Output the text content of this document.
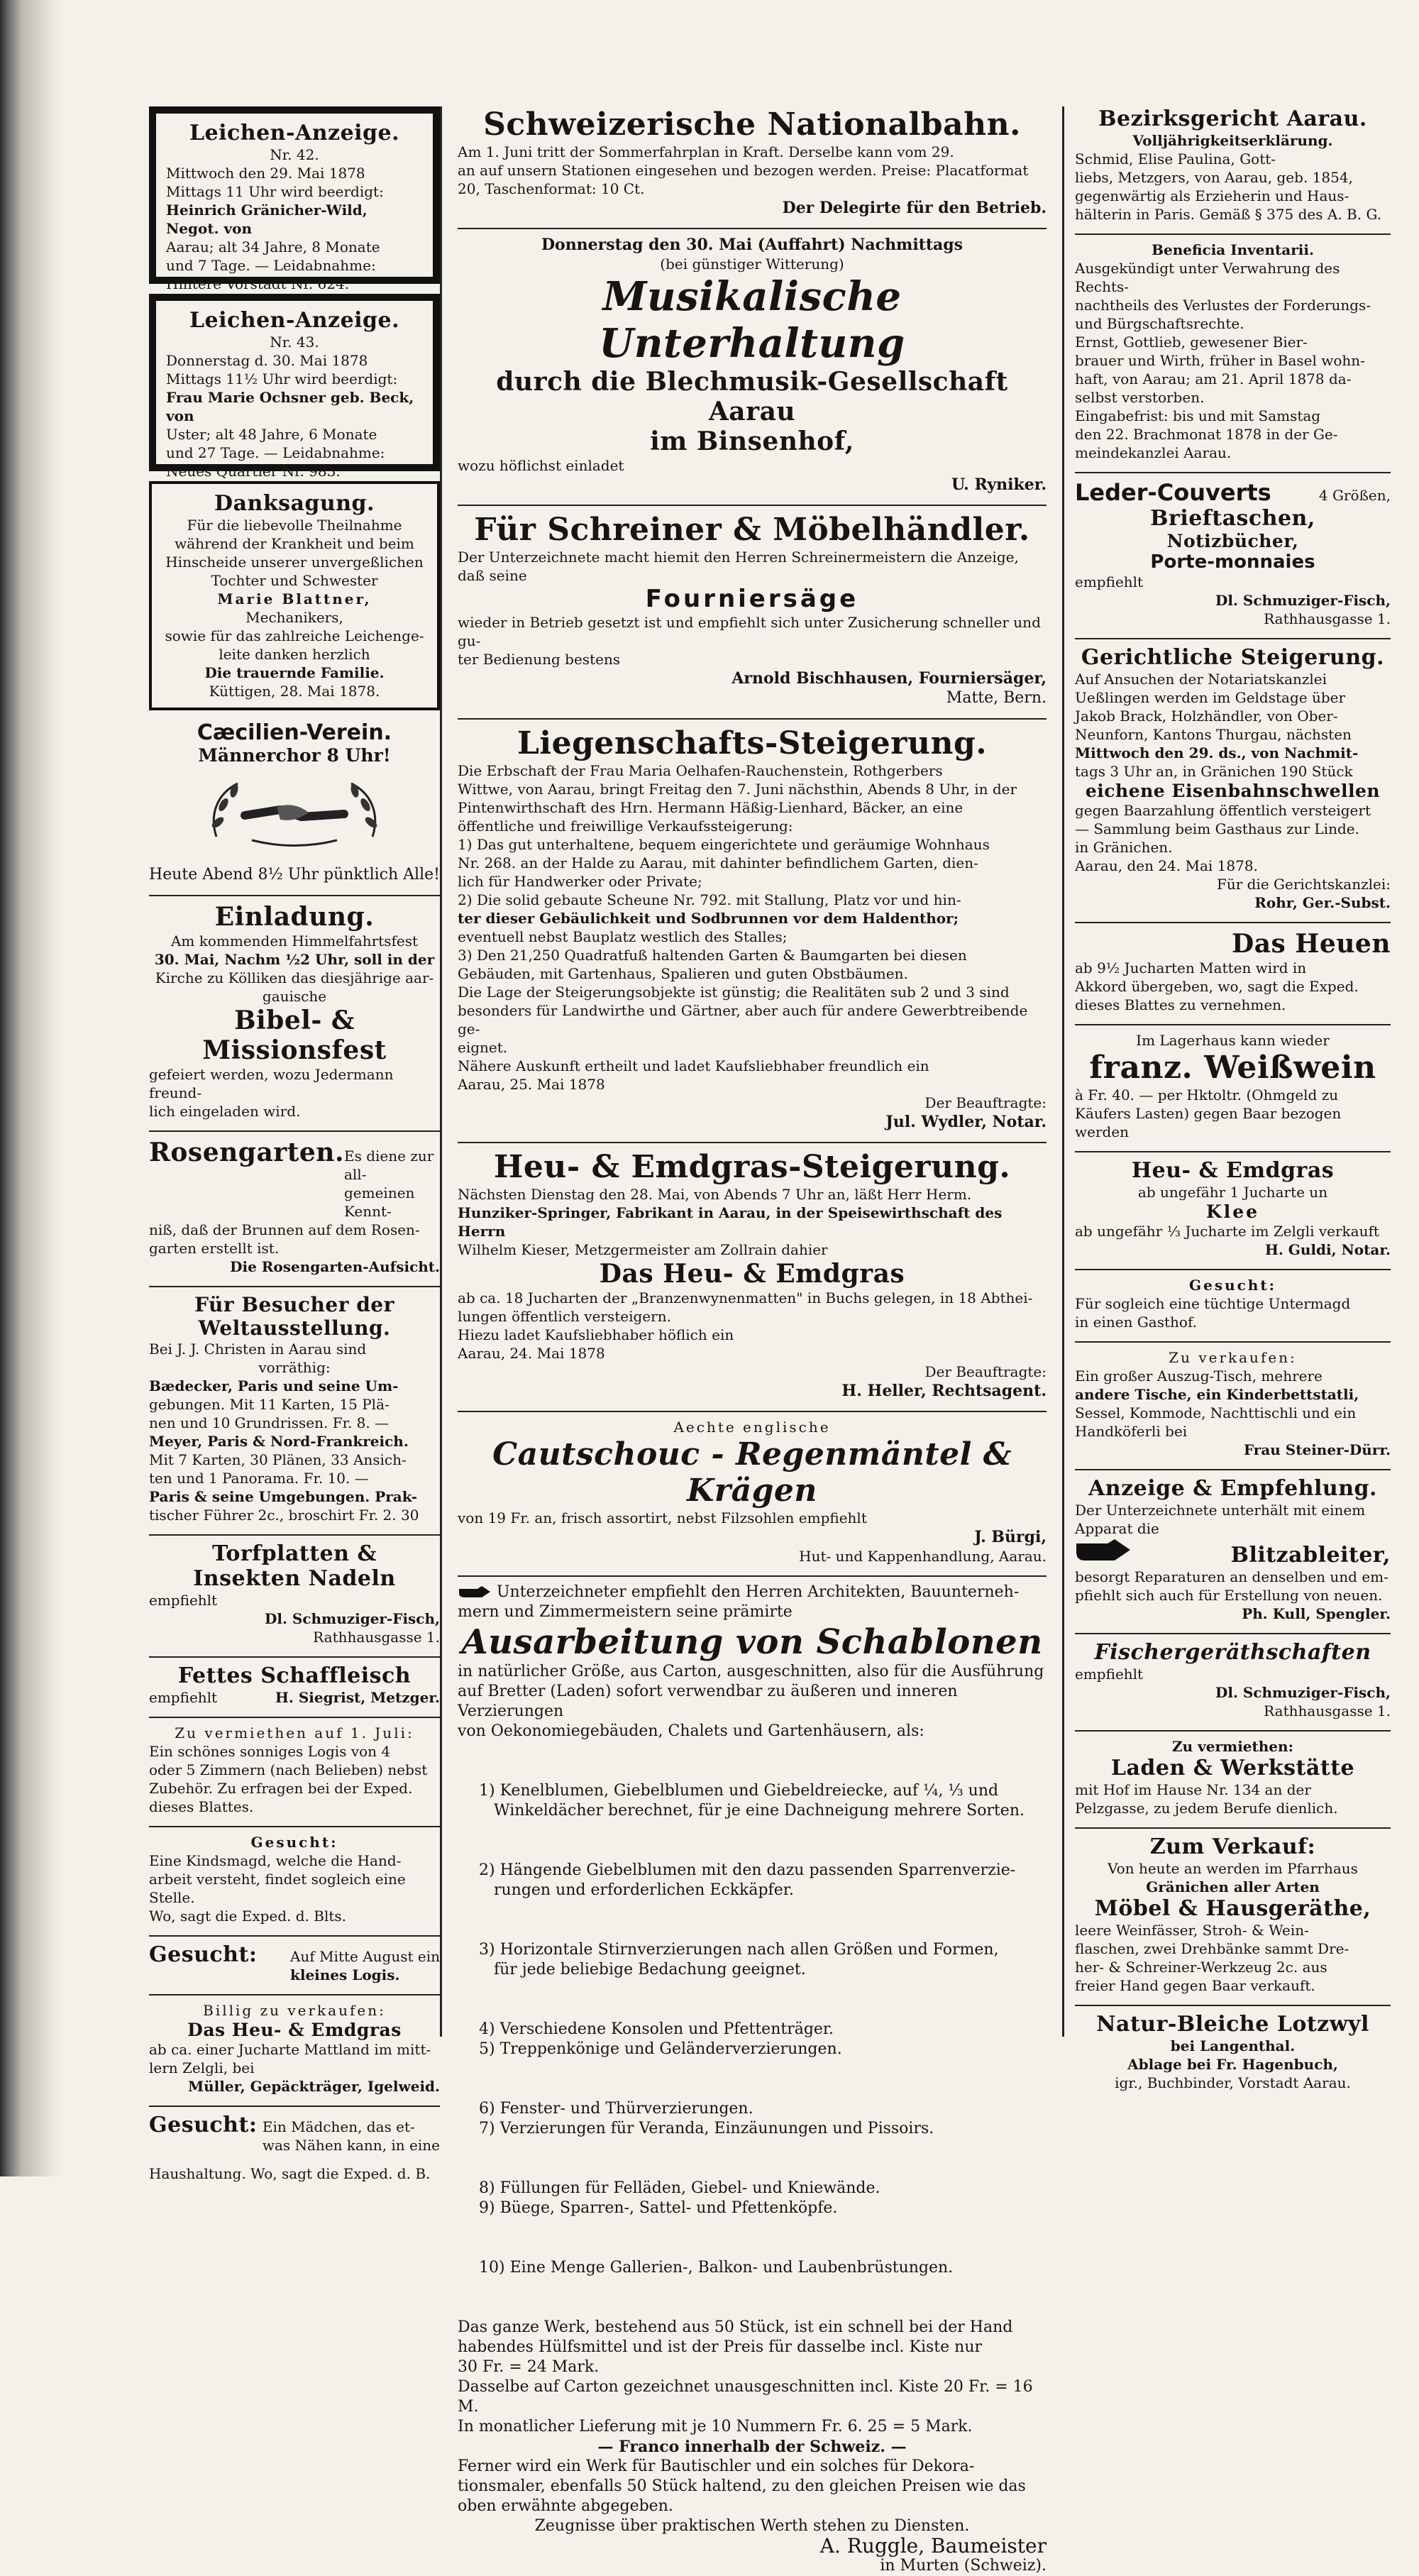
Leichen-Anzeige.
Nr. 42.

Mittwoch den 29. Mai 1878

Mittags 11 Uhr wird beerdigt:

Heinrich Gränicher-Wild, Negot. von

Aarau; alt 34 Jahre, 8 Monate

und 7 Tage. — Leidabnahme:

Hintere Vorstadt Nr. 624.

Leichen-Anzeige.
Nr. 43.

Donnerstag d. 30. Mai 1878

Mittags 11½ Uhr wird beerdigt:

Frau Marie Ochsner geb. Beck, von

Uster; alt 48 Jahre, 6 Monate

und 27 Tage. — Leidabnahme:

Neues Quartier Nr. 983.

Danksagung.

Für die liebevolle Theilnahme

während der Krankheit und beim

Hinscheide unserer unvergeßlichen

Tochter und Schwester

Marie Blattner,

Mechanikers,

sowie für das zahlreiche Leichenge-

leite danken herzlich

Die trauernde Familie.

Küttigen, 28. Mai 1878.

Cæcilien-Verein.
Männerchor 8 Uhr!
Heute Abend 8½ Uhr pünktlich Alle!
Einladung.

Am kommenden Himmelfahrtsfest

30. Mai, Nachm ½2 Uhr, soll in der

Kirche zu Kölliken das diesjährige aar-

gauische

Bibel- & Missionsfest

gefeiert werden, wozu Jedermann freund-

lich eingeladen wird.

Rosengarten. Es diene zur all-

gemeinen Kennt-

niß, daß der Brunnen auf dem Rosen-

garten erstellt ist.

Die Rosengarten-Aufsicht.
Für Besucher der Weltausstellung.

Bei J. J. Christen in Aarau sind

vorräthig:

Bædecker, Paris und seine Um-

gebungen. Mit 11 Karten, 15 Plä-

nen und 10 Grundrissen. Fr. 8. —

Meyer, Paris & Nord-Frankreich.

Mit 7 Karten, 30 Plänen, 33 Ansich-

ten und 1 Panorama. Fr. 10. —

Paris & seine Umgebungen. Prak-

tischer Führer 2c., broschirt Fr. 2. 30

Torfplatten &
Insekten Nadeln
empfiehlt
Dl. Schmuziger-Fisch,
Rathhausgasse 1.
Fettes Schaffleisch
empfiehlt	H. Siegrist, Metzger.
Zu vermiethen auf 1. Juli:

Ein schönes sonniges Logis von 4

oder 5 Zimmern (nach Belieben) nebst

Zubehör. Zu erfragen bei der Exped.

dieses Blattes.

Gesucht:

Eine Kindsmagd, welche die Hand-

arbeit versteht, findet sogleich eine Stelle.

Wo, sagt die Exped. d. Blts.

Gesucht: Auf Mitte August ein

kleines Logis.

Billig zu verkaufen:
Das Heu- & Emdgras

ab ca. einer Jucharte Mattland im mitt-

lern Zelgli, bei

Müller, Gepäckträger, Igelweid.
Gesucht: Ein Mädchen, das et-

was Nähen kann, in eine

Haushaltung. Wo, sagt die Exped. d. B.
Schweizerische Nationalbahn.

Am 1. Juni tritt der Sommerfahrplan in Kraft. Derselbe kann vom 29.

an auf unsern Stationen eingesehen und bezogen werden. Preise: Placatformat

20, Taschenformat: 10 Ct.

Der Delegirte für den Betrieb.
Donnerstag den 30. Mai (Auffahrt) Nachmittags
(bei günstiger Witterung)
Musikalische Unterhaltung
durch die Blechmusik-Gesellschaft Aarau
im Binsenhof,
wozu höflichst einladet
U. Ryniker.
Für Schreiner & Möbelhändler.
Der Unterzeichnete macht hiemit den Herren Schreinermeistern die Anzeige, daß seine
Fourniersäge

wieder in Betrieb gesetzt ist und empfiehlt sich unter Zusicherung schneller und gu-

ter Bedienung bestens

Arnold Bischhausen, Fourniersäger,
Matte, Bern.
Liegenschafts-Steigerung.

Die Erbschaft der Frau Maria Oelhafen-Rauchenstein, Rothgerbers

Wittwe, von Aarau, bringt Freitag den 7. Juni nächsthin, Abends 8 Uhr, in der

Pintenwirthschaft des Hrn. Hermann Häßig-Lienhard, Bäcker, an eine

öffentliche und freiwillige Verkaufssteigerung:

1) Das gut unterhaltene, bequem eingerichtete und geräumige Wohnhaus

Nr. 268. an der Halde zu Aarau, mit dahinter befindlichem Garten, dien-

lich für Handwerker oder Private;

2) Die solid gebaute Scheune Nr. 792. mit Stallung, Platz vor und hin-

ter dieser Gebäulichkeit und Sodbrunnen vor dem Haldenthor;

eventuell nebst Bauplatz westlich des Stalles;

3) Den 21,250 Quadratfuß haltenden Garten & Baumgarten bei diesen

Gebäuden, mit Gartenhaus, Spalieren und guten Obstbäumen.

Die Lage der Steigerungsobjekte ist günstig; die Realitäten sub 2 und 3 sind

besonders für Landwirthe und Gärtner, aber auch für andere Gewerbtreibende ge-

eignet.

Nähere Auskunft ertheilt und ladet Kaufsliebhaber freundlich ein

Aarau, 25. Mai 1878

Der Beauftragte:
Jul. Wydler, Notar.
Heu- & Emdgras-Steigerung.

Nächsten Dienstag den 28. Mai, von Abends 7 Uhr an, läßt Herr Herm.

Hunziker-Springer, Fabrikant in Aarau, in der Speisewirthschaft des Herrn

Wilhelm Kieser, Metzgermeister am Zollrain dahier

Das Heu- & Emdgras

ab ca. 18 Jucharten der „Branzenwynenmatten" in Buchs gelegen, in 18 Abthei-

lungen öffentlich versteigern.

Hiezu ladet Kaufsliebhaber höflich ein

Aarau, 24. Mai 1878

Der Beauftragte:
H. Heller, Rechtsagent.
Aechte englische
Cautschouc - Regenmäntel & Krägen
von 19 Fr. an, frisch assortirt, nebst Filzsohlen empfiehlt
J. Bürgi,
Hut- und Kappenhandlung, Aarau.
Unterzeichneter empfiehlt den Herren Architekten, Bauunterneh-
mern und Zimmermeistern seine prämirte
Ausarbeitung von Schablonen

in natürlicher Größe, aus Carton, ausgeschnitten, also für die Ausführung

auf Bretter (Laden) sofort verwendbar zu äußeren und inneren Verzierungen

von Oekonomiegebäuden, Chalets und Gartenhäusern, als:

1) Kenelblumen, Giebelblumen und Giebeldreiecke, auf ¼, ⅓ und

Winkeldächer berechnet, für je eine Dachneigung mehrere Sorten.

2) Hängende Giebelblumen mit den dazu passenden Sparrenverzie-

rungen und erforderlichen Eckkäpfer.

3) Horizontale Stirnverzierungen nach allen Größen und Formen,

für jede beliebige Bedachung geeignet.

4) Verschiedene Konsolen und Pfettenträger.

5) Treppenkönige und Geländerverzierungen.

6) Fenster- und Thürverzierungen.

7) Verzierungen für Veranda, Einzäunungen und Pissoirs.

8) Füllungen für Felläden, Giebel- und Kniewände.

9) Büege, Sparren-, Sattel- und Pfettenköpfe.

10) Eine Menge Gallerien-, Balkon- und Laubenbrüstungen.

Das ganze Werk, bestehend aus 50 Stück, ist ein schnell bei der Hand

habendes Hülfsmittel und ist der Preis für dasselbe incl. Kiste nur

30 Fr. = 24 Mark.

Dasselbe auf Carton gezeichnet unausgeschnitten incl. Kiste 20 Fr. = 16 M.

In monatlicher Lieferung mit je 10 Nummern Fr. 6. 25 = 5 Mark.

— Franco innerhalb der Schweiz. —

Ferner wird ein Werk für Bautischler und ein solches für Dekora-

tionsmaler, ebenfalls 50 Stück haltend, zu den gleichen Preisen wie das

oben erwähnte abgegeben.

Zeugnisse über praktischen Werth stehen zu Diensten.

A. Ruggle, Baumeister
in Murten (Schweiz).
Bezirksgericht Aarau.
Volljährigkeitserklärung.

Schmid, Elise Paulina, Gott-

liebs, Metzgers, von Aarau, geb. 1854,

gegenwärtig als Erzieherin und Haus-

hälterin in Paris. Gemäß § 375 des A. B. G.

Beneficia Inventarii.

Ausgekündigt unter Verwahrung des Rechts-

nachtheils des Verlustes der Forderungs-

und Bürgschaftsrechte.

Ernst, Gottlieb, gewesener Bier-

brauer und Wirth, früher in Basel wohn-

haft, von Aarau; am 21. April 1878 da-

selbst verstorben.

Eingabefrist: bis und mit Samstag

den 22. Brachmonat 1878 in der Ge-

meindekanzlei Aarau.

Leder-Couverts	4 Größen,
Brieftaschen,
Notizbücher,
Porte-monnaies
empfiehlt
Dl. Schmuziger-Fisch,
Rathhausgasse 1.
Gerichtliche Steigerung.

Auf Ansuchen der Notariatskanzlei

Ueßlingen werden im Geldstage über

Jakob Brack, Holzhändler, von Ober-

Neunforn, Kantons Thurgau, nächsten

Mittwoch den 29. ds., von Nachmit-

tags 3 Uhr an, in Gränichen 190 Stück

eichene Eisenbahnschwellen

gegen Baarzahlung öffentlich versteigert

— Sammlung beim Gasthaus zur Linde.

in Gränichen.

Aarau, den 24. Mai 1878.

Für die Gerichtskanzlei:
Rohr, Ger.-Subst.
Das Heuen

ab 9½ Jucharten Matten wird in

Akkord übergeben, wo, sagt die Exped.

dieses Blattes zu vernehmen.

Im Lagerhaus kann wieder
franz. Weißwein

à Fr. 40. — per Hktoltr. (Ohmgeld zu

Käufers Lasten) gegen Baar bezogen

werden

Heu- & Emdgras
ab ungefähr 1 Jucharte un
Klee
ab ungefähr ⅓ Jucharte im Zelgli verkauft
H. Guldi, Notar.
Gesucht:

Für sogleich eine tüchtige Untermagd

in einen Gasthof.

Zu verkaufen:

Ein großer Auszug-Tisch, mehrere

andere Tische, ein Kinderbettstatli,

Sessel, Kommode, Nachttischli und ein

Handköferli bei

Frau Steiner-Dürr.
Anzeige & Empfehlung.

Der Unterzeichnete unterhält mit einem

Apparat die

Blitzableiter,

besorgt Reparaturen an denselben und em-

pfiehlt sich auch für Erstellung von neuen.

Ph. Kull, Spengler.
Fischergeräthschaften
empfiehlt
Dl. Schmuziger-Fisch,
Rathhausgasse 1.
Zu vermiethen:
Laden & Werkstätte

mit Hof im Hause Nr. 134 an der

Pelzgasse, zu jedem Berufe dienlich.

Zum Verkauf:

Von heute an werden im Pfarrhaus

Gränichen aller Arten

Möbel & Hausgeräthe,

leere Weinfässer, Stroh- & Wein-

flaschen, zwei Drehbänke sammt Dre-

her- & Schreiner-Werkzeug 2c. aus

freier Hand gegen Baar verkauft.

Natur-Bleiche Lotzwyl
bei Langenthal.

Ablage bei Fr. Hagenbuch,

igr., Buchbinder, Vorstadt Aarau.
